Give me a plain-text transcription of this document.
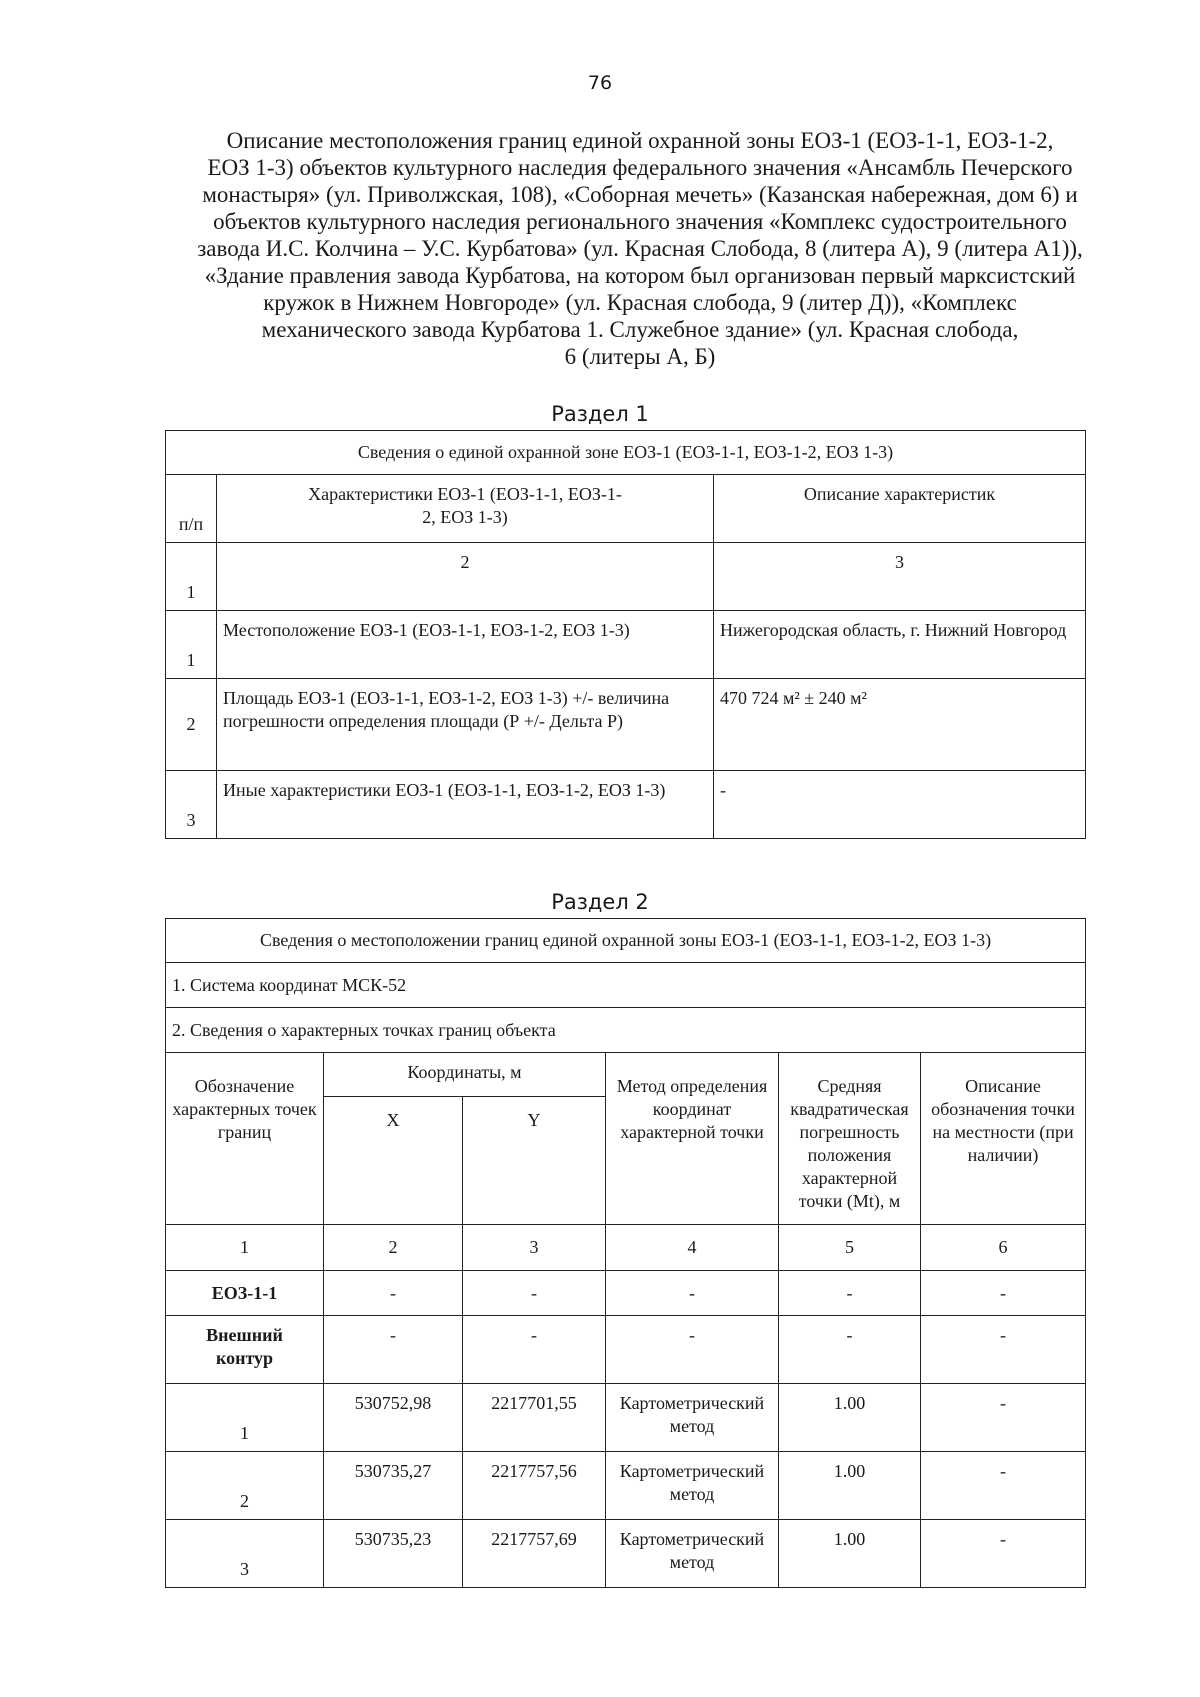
76
Описание местоположения границ единой охранной зоны ЕОЗ-1 (ЕОЗ-1-1, ЕОЗ-1-2,
ЕОЗ 1-3) объектов культурного наследия федерального значения «Ансамбль Печерского
монастыря» (ул. Приволжская, 108), «Соборная мечеть» (Казанская набережная, дом 6) и
объектов культурного наследия регионального значения «Комплекс судостроительного
завода И.С. Колчина – У.С. Курбатова» (ул. Красная Слобода, 8 (литера А), 9 (литера А1)),
«Здание правления завода Курбатова, на котором был организован первый марксистский
кружок в Нижнем Новгороде» (ул. Красная слобода, 9 (литер Д)), «Комплекс
механического завода Курбатова 1. Служебное здание» (ул. Красная слобода,
6 (литеры А, Б)
Раздел 1
Сведения о единой охранной зоне ЕОЗ-1 (ЕОЗ-1-1, ЕОЗ-1-2, ЕОЗ 1-3)		
п/п	Характеристики ЕОЗ-1 (ЕОЗ-1-1, ЕОЗ-1-2, ЕОЗ 1-3)	Описание характеристик
1	2	3
1	Местоположение ЕОЗ-1 (ЕОЗ-1-1, ЕОЗ-1-2, ЕОЗ 1-3)	Нижегородская область, г. Нижний Новгород
2	Площадь ЕОЗ-1 (ЕОЗ-1-1, ЕОЗ-1-2, ЕОЗ 1-3) +/- величина погрешности определения площади (Р +/- Дельта Р)	470 724 м² ± 240 м²
3	Иные характеристики ЕОЗ-1 (ЕОЗ-1-1, ЕОЗ-1-2, ЕОЗ 1-3)	-
Раздел 2
Сведения о местоположении границ единой охранной зоны ЕОЗ-1 (ЕОЗ-1-1, ЕОЗ-1-2, ЕОЗ 1-3)					
1. Система координат МСК-52					
2. Сведения о характерных точках границ объекта					
Обозначение характерных точек границ	Координаты, м		Метод определения координат характерной точки	Средняя квадратическая погрешность положения характерной точки (Mt), м	Описание обозначения точки на местности (при наличии)
	X	Y			
1	2	3	4	5	6
ЕОЗ-1-1	-	-	-	-	-

Внешний контур	-	-	-	-	-
1	530752,98	2217701,55	Картометрический метод	1.00	-
2	530735,27	2217757,56	Картометрический метод	1.00	-
3	530735,23	2217757,69	Картометрический метод	1.00	-
